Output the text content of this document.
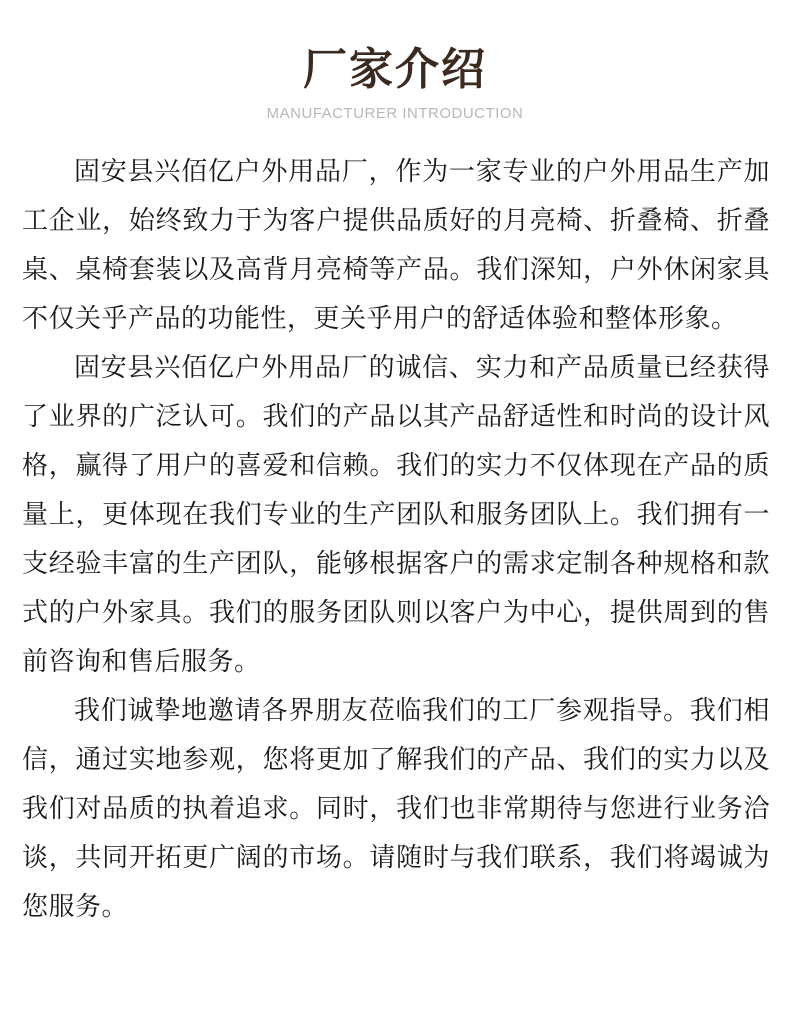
厂家介绍
MANUFACTURER INTRODUCTION

固安县兴佰亿户外用品厂，作为一家专业的户外用品生产加工企业，始终致力于为客户提供品质好的月亮椅、折叠椅、折叠桌、桌椅套装以及高背月亮椅等产品。我们深知，户外休闲家具不仅关乎产品的功能性，更关乎用户的舒适体验和整体形象。

固安县兴佰亿户外用品厂的诚信、实力和产品质量已经获得了业界的广泛认可。我们的产品以其产品舒适性和时尚的设计风格，赢得了用户的喜爱和信赖。我们的实力不仅体现在产品的质量上，更体现在我们专业的生产团队和服务团队上。我们拥有一支经验丰富的生产团队，能够根据客户的需求定制各种规格和款式的户外家具。我们的服务团队则以客户为中心，提供周到的售前咨询和售后服务。

我们诚挚地邀请各界朋友莅临我们的工厂参观指导。我们相信，通过实地参观，您将更加了解我们的产品、我们的实力以及我们对品质的执着追求。同时，我们也非常期待与您进行业务洽谈，共同开拓更广阔的市场。请随时与我们联系，我们将竭诚为您服务。
